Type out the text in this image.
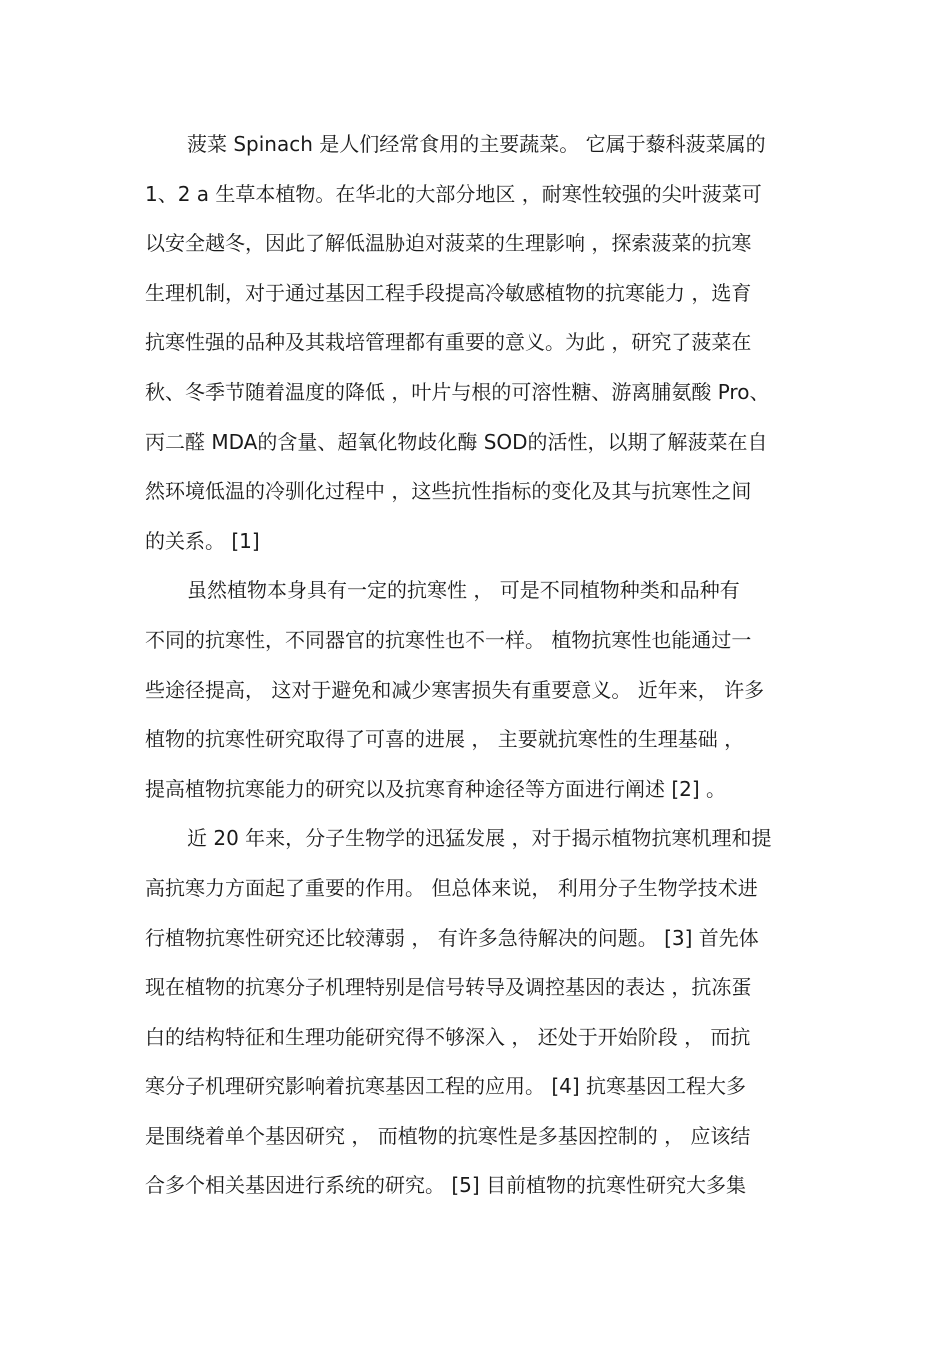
菠菜 Spinach 是人们经常食用的主要蔬菜。 它属于藜科菠菜属的
1、2 a 生草本植物。在华北的大部分地区 ，耐寒性较强的尖叶菠菜可
以安全越冬，因此了解低温胁迫对菠菜的生理影响 ，探索菠菜的抗寒
生理机制，对于通过基因工程手段提高冷敏感植物的抗寒能力 ，选育
抗寒性强的品种及其栽培管理都有重要的意义。为此 ，研究了菠菜在
秋、冬季节随着温度的降低 ，叶片与根的可溶性糖、游离脯氨酸 Pro、
丙二醛 MDA的含量、超氧化物歧化酶 SOD的活性，以期了解菠菜在自
然环境低温的冷驯化过程中 ，这些抗性指标的变化及其与抗寒性之间
的关系。 [1]
虽然植物本身具有一定的抗寒性 ， 可是不同植物种类和品种有
不同的抗寒性，不同器官的抗寒性也不一样。 植物抗寒性也能通过一
些途径提高， 这对于避免和减少寒害损失有重要意义。 近年来， 许多
植物的抗寒性研究取得了可喜的进展 ， 主要就抗寒性的生理基础 ，
提高植物抗寒能力的研究以及抗寒育种途径等方面进行阐述 [2] 。
近 20 年来，分子生物学的迅猛发展 ，对于揭示植物抗寒机理和提
高抗寒力方面起了重要的作用。 但总体来说， 利用分子生物学技术进
行植物抗寒性研究还比较薄弱 ， 有许多急待解决的问题。 [3] 首先体
现在植物的抗寒分子机理特别是信号转导及调控基因的表达 ，抗冻蛋
白的结构特征和生理功能研究得不够深入 ， 还处于开始阶段 ， 而抗
寒分子机理研究影响着抗寒基因工程的应用。 [4] 抗寒基因工程大多
是围绕着单个基因研究 ， 而植物的抗寒性是多基因控制的 ， 应该结
合多个相关基因进行系统的研究。 [5] 目前植物的抗寒性研究大多集
